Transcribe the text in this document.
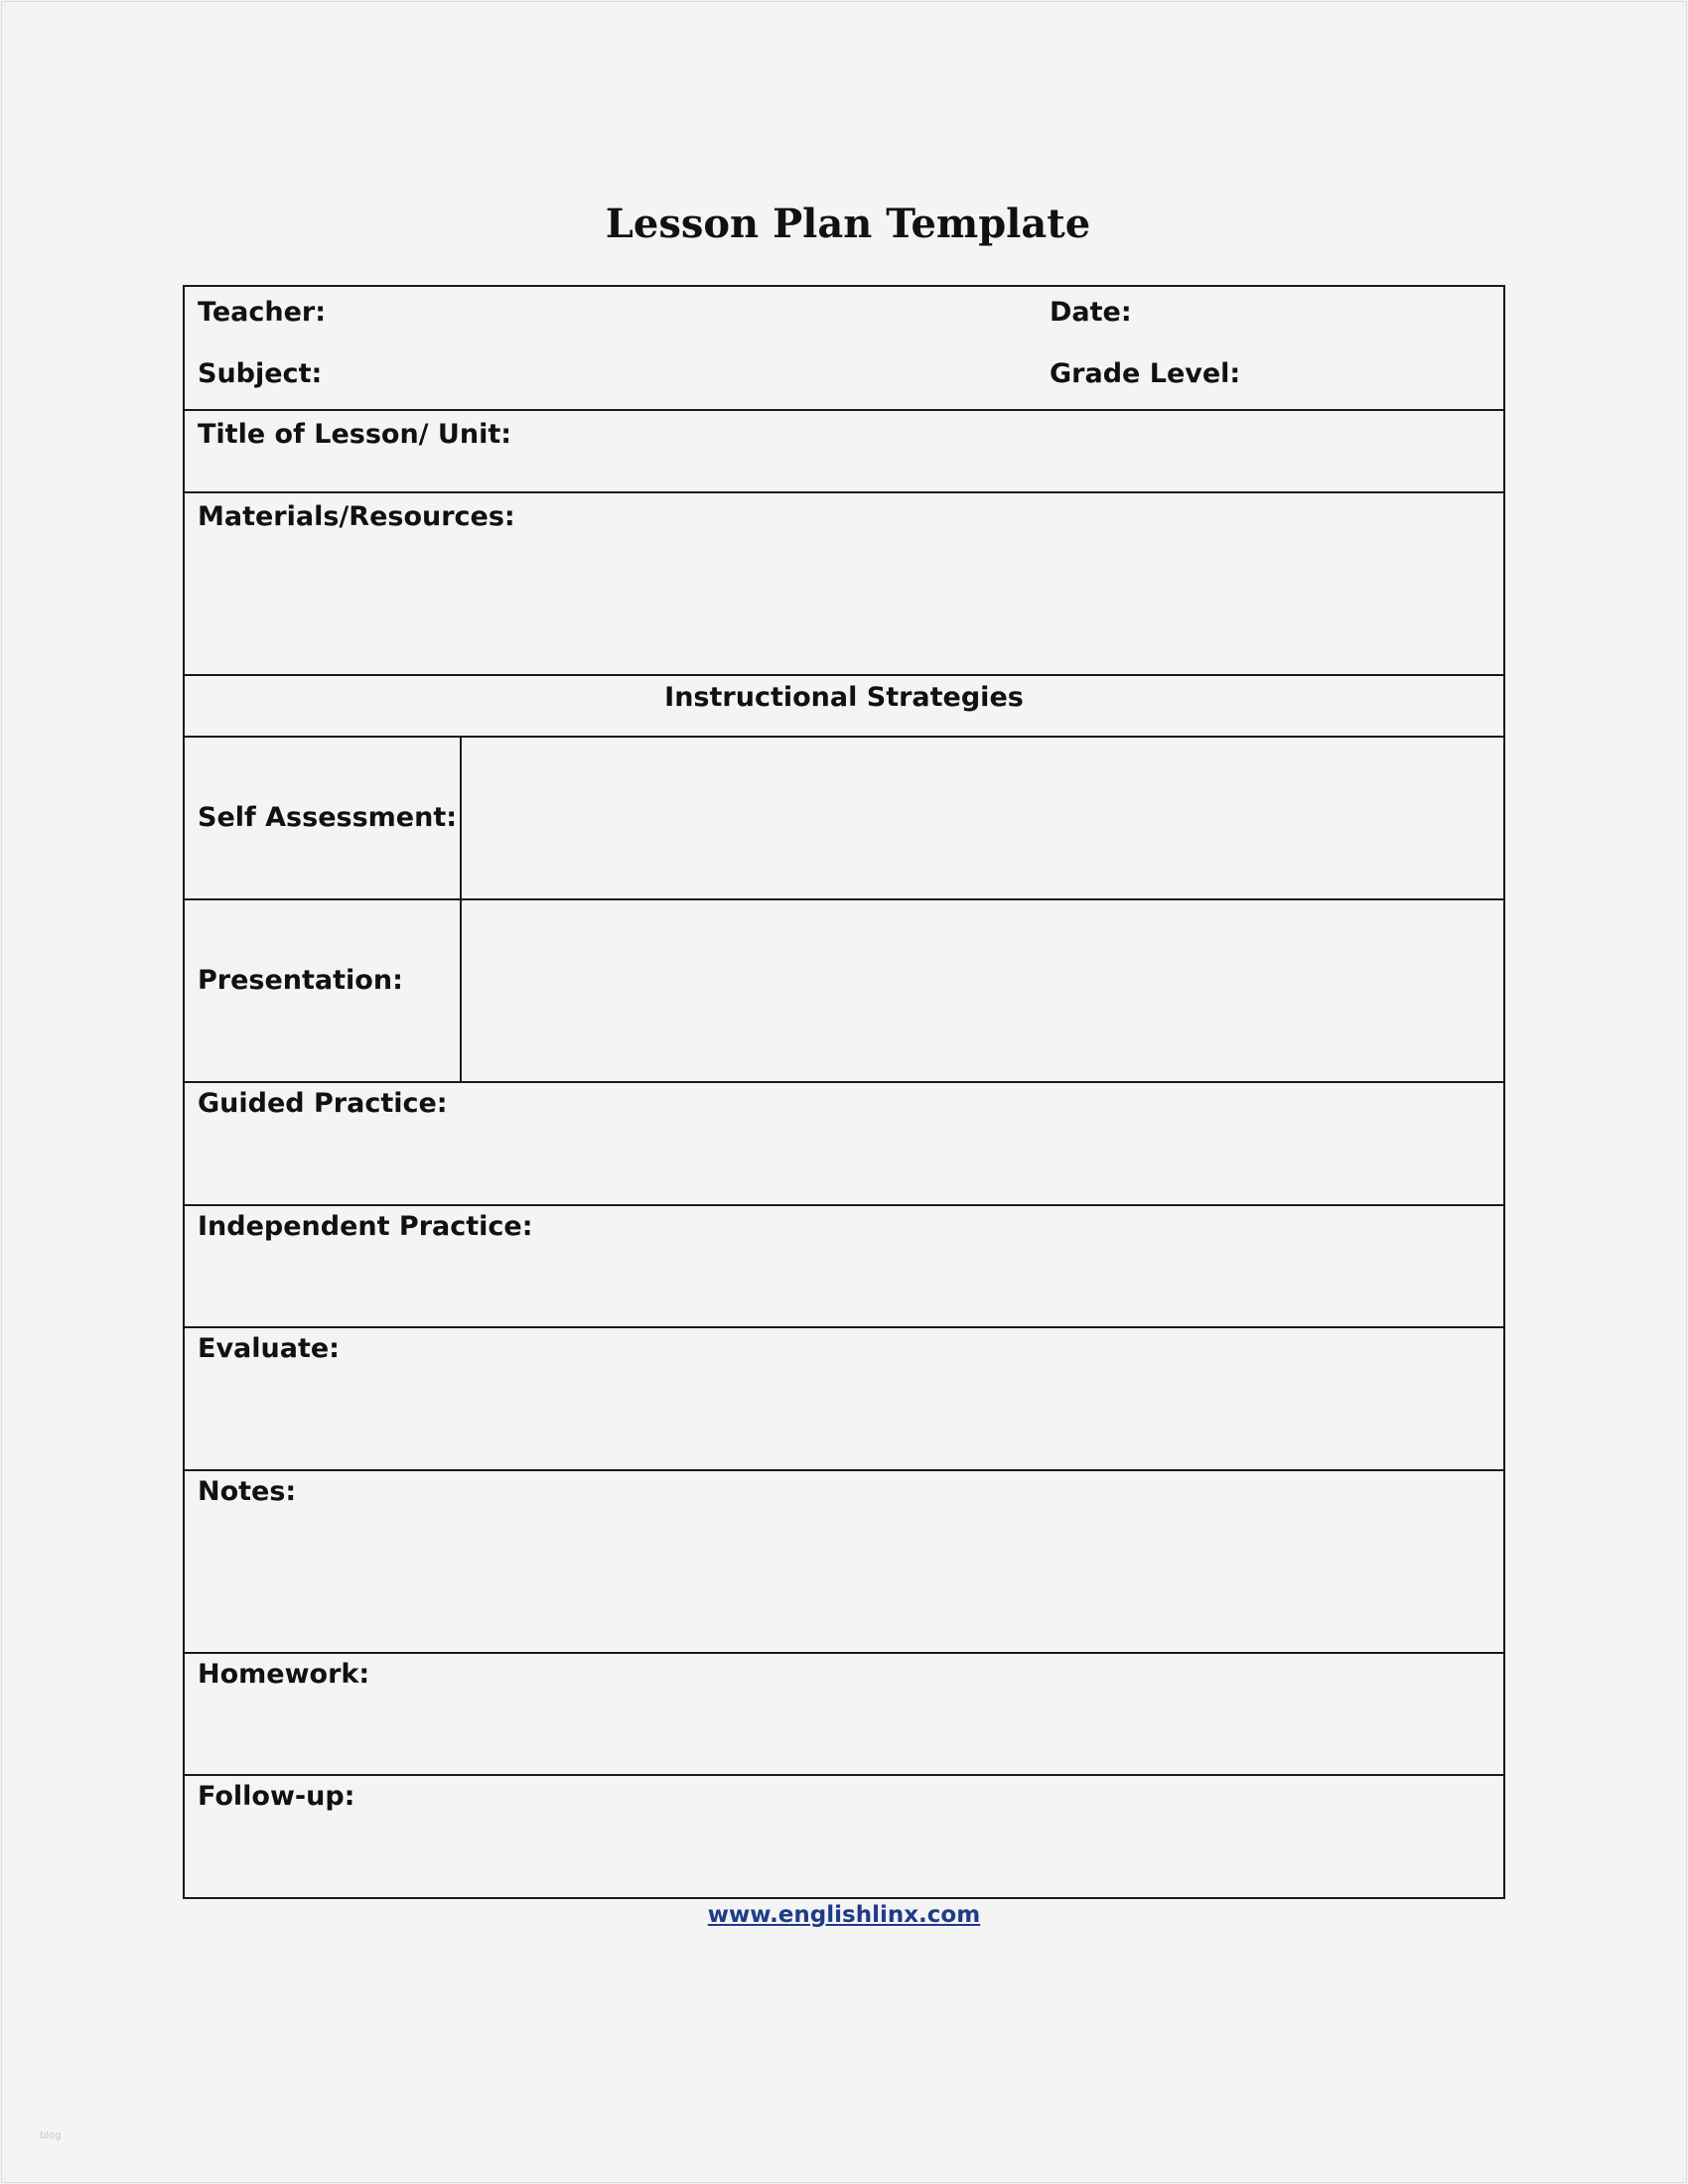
Lesson Plan Template
Teacher:	Date:
Subject:	Grade Level:
Title of Lesson/ Unit:
Materials/Resources:
Instructional Strategies
Self Assessment:
Presentation:
Guided Practice:
Independent Practice:
Evaluate:
Notes:
Homework:
Follow-up:
www.englishlinx.com
blog
